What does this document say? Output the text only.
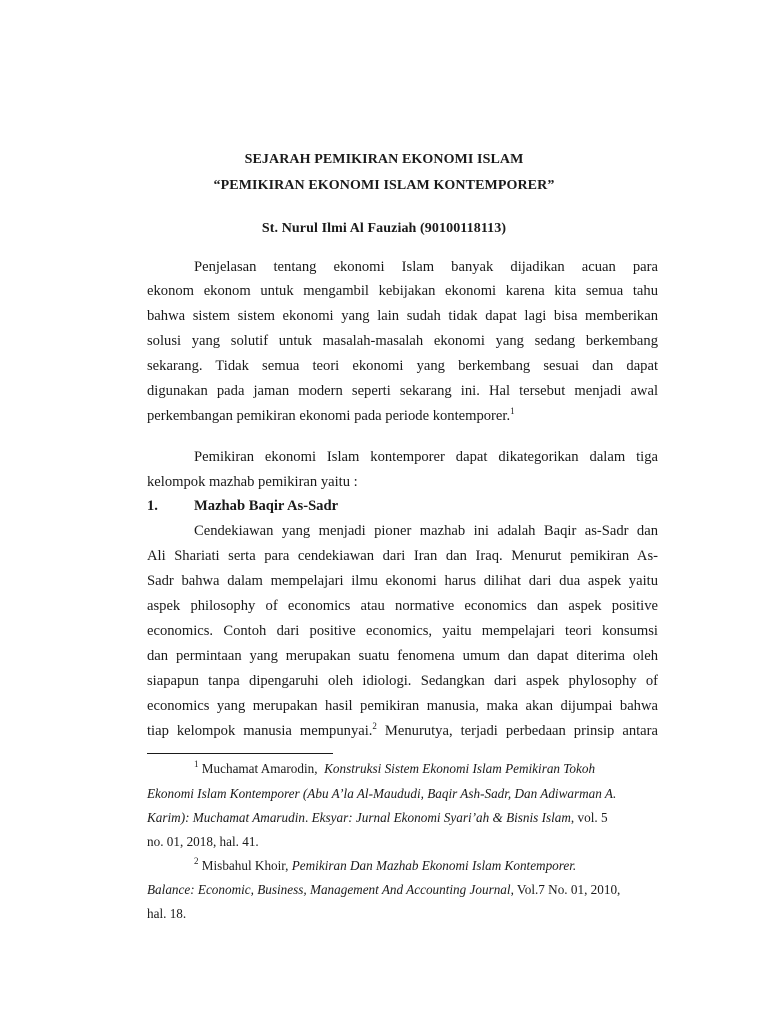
SEJARAH PEMIKIRAN EKONOMI ISLAM
“PEMIKIRAN EKONOMI ISLAM KONTEMPORER”
St. Nurul Ilmi Al Fauziah (90100118113)
Penjelasan tentang ekonomi Islam banyak dijadikan acuan para
ekonom ekonom untuk mengambil kebijakan ekonomi karena kita semua tahu
bahwa sistem sistem ekonomi yang lain sudah tidak dapat lagi bisa memberikan
solusi yang solutif untuk masalah-masalah ekonomi yang sedang berkembang
sekarang. Tidak semua teori ekonomi yang berkembang sesuai dan dapat
digunakan pada jaman modern seperti sekarang ini. Hal tersebut menjadi awal
perkembangan pemikiran ekonomi pada periode kontemporer.$^1$
Pemikiran ekonomi Islam kontemporer dapat dikategorikan dalam tiga
kelompok mazhab pemikiran yaitu :
1. Mazhab Baqir As-Sadr
Cendekiawan yang menjadi pioner mazhab ini adalah Baqir as-Sadr dan
Ali Shariati serta para cendekiawan dari Iran dan Iraq. Menurut pemikiran As-
Sadr bahwa dalam mempelajari ilmu ekonomi harus dilihat dari dua aspek yaitu
aspek philosophy of economics atau normative economics dan aspek positive
economics. Contoh dari positive economics, yaitu mempelajari teori konsumsi
dan permintaan yang merupakan suatu fenomena umum dan dapat diterima oleh
siapapun tanpa dipengaruhi oleh idiologi. Sedangkan dari aspek phylosophy of
economics yang merupakan hasil pemikiran manusia, maka akan dijumpai bahwa
tiap kelompok manusia mempunyai.$^2$ Menurutya, terjadi perbedaan prinsip antara
$^1$ Muchamat Amarodin, Konstruksi Sistem Ekonomi Islam Pemikiran Tokoh
Ekonomi Islam Kontemporer (Abu A’la Al-Maududi, Baqir Ash-Sadr, Dan Adiwarman A.
Karim): Muchamat Amarudin. Eksyar: Jurnal Ekonomi Syari’ah & Bisnis Islam, vol. 5
no. 01, 2018, hal. 41.
$^2$ Misbahul Khoir, Pemikiran Dan Mazhab Ekonomi Islam Kontemporer.
Balance: Economic, Business, Management And Accounting Journal, Vol.7 No. 01, 2010,
hal. 18.
